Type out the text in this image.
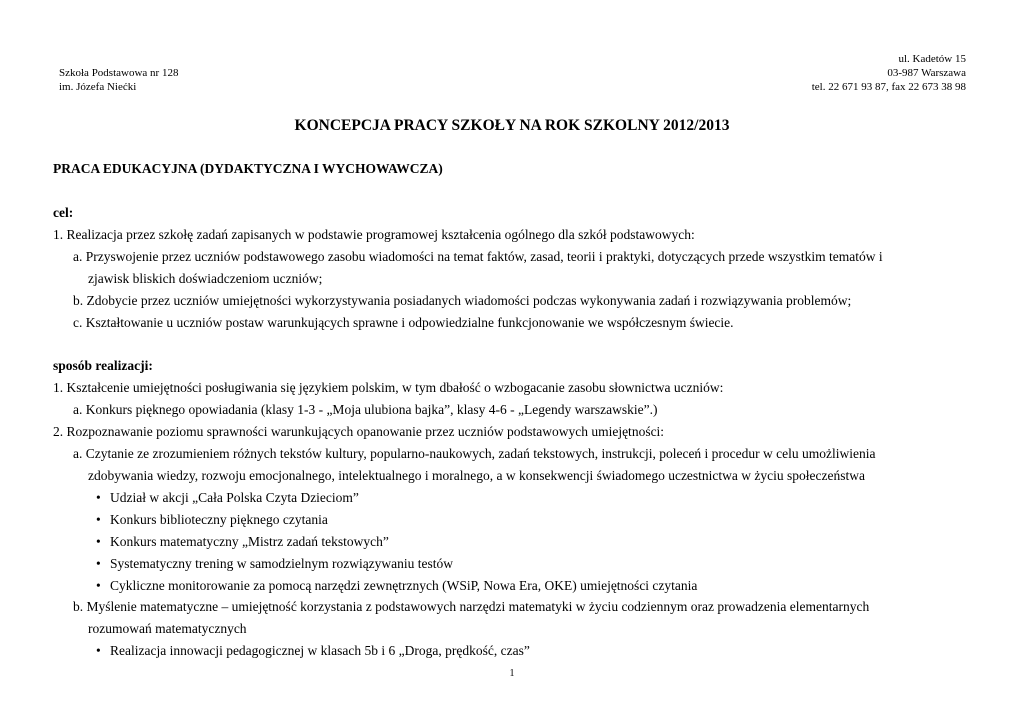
Szkoła Podstawowa nr 128
im. Józefa Niećki
ul. Kadetów 15
03-987 Warszawa
tel. 22 671 93 87, fax 22 673 38 98
KONCEPCJA PRACY SZKOŁY NA ROK SZKOLNY 2012/2013
PRACA EDUKACYJNA (DYDAKTYCZNA I WYCHOWAWCZA)
cel:
1. Realizacja przez szkołę zadań zapisanych w podstawie programowej kształcenia ogólnego dla szkół podstawowych:
a. Przyswojenie przez uczniów podstawowego zasobu wiadomości na temat faktów, zasad, teorii i praktyki, dotyczących przede wszystkim tematów i
zjawisk bliskich doświadczeniom uczniów;
b. Zdobycie przez uczniów umiejętności wykorzystywania posiadanych wiadomości podczas wykonywania zadań i rozwiązywania problemów;
c. Kształtowanie u uczniów postaw warunkujących sprawne i odpowiedzialne funkcjonowanie we współczesnym świecie.
sposób realizacji:
1. Kształcenie umiejętności posługiwania się językiem polskim, w tym dbałość o wzbogacanie zasobu słownictwa uczniów:
a. Konkurs pięknego opowiadania (klasy 1-3 - „Moja ulubiona bajka”, klasy 4-6 - „Legendy warszawskie”.)
2. Rozpoznawanie poziomu sprawności warunkujących opanowanie przez uczniów podstawowych umiejętności:
a. Czytanie ze zrozumieniem różnych tekstów kultury, popularno-naukowych, zadań tekstowych, instrukcji, poleceń i procedur w celu umożliwienia
zdobywania wiedzy, rozwoju emocjonalnego, intelektualnego i moralnego, a w konsekwencji świadomego uczestnictwa w życiu społeczeństwa
• Udział w akcji „Cała Polska Czyta Dzieciom”
• Konkurs biblioteczny pięknego czytania
• Konkurs matematyczny „Mistrz zadań tekstowych”
• Systematyczny trening w samodzielnym rozwiązywaniu testów
• Cykliczne monitorowanie za pomocą narzędzi zewnętrznych (WSiP, Nowa Era, OKE) umiejętności czytania
b. Myślenie matematyczne – umiejętność korzystania z podstawowych narzędzi matematyki w życiu codziennym oraz prowadzenia elementarnych
rozumowań matematycznych
• Realizacja innowacji pedagogicznej w klasach 5b i 6 „Droga, prędkość, czas”
1
